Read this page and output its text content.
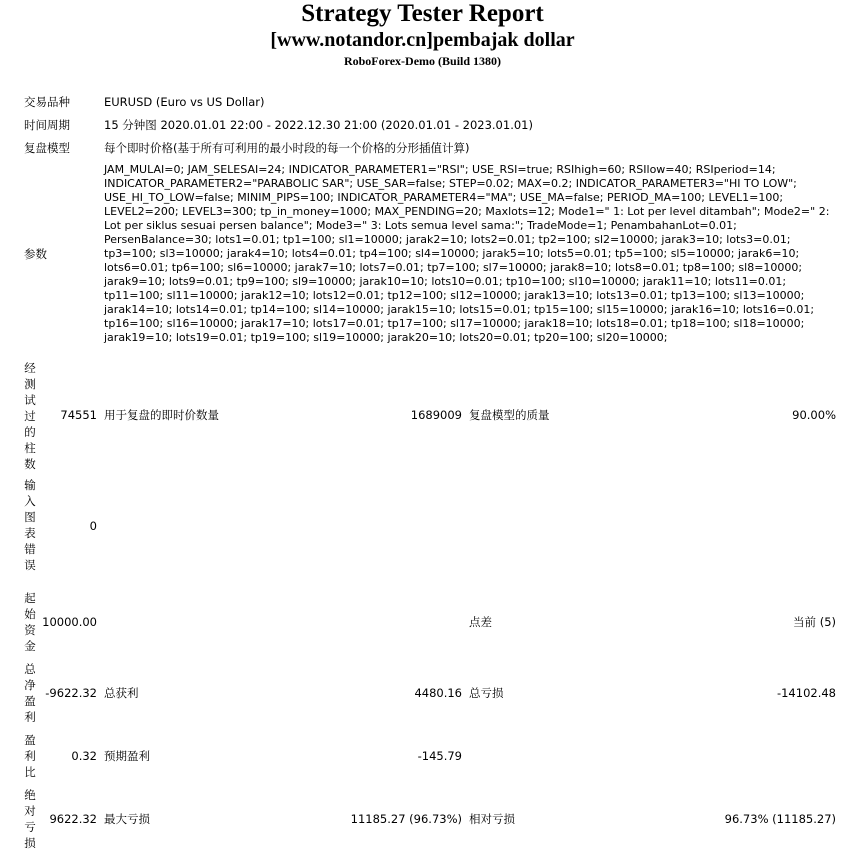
Strategy Tester Report
[www.notandor.cn]pembajak dollar
RoboForex-Demo (Build 1380)
交易品种	EURUSD (Euro vs US Dollar)
时间周期	15 分钟图 2020.01.01 22:00 - 2022.12.30 21:00 (2020.01.01 - 2023.01.01)
复盘模型	每个即时价格(基于所有可利用的最小时段的每一个价格的分形插值计算)
参数
JAM_MULAI=0; JAM_SELESAI=24; INDICATOR_PARAMETER1="RSI"; USE_RSI=true; RSIhigh=60; RSIlow=40; RSIperiod=14; INDICATOR_PARAMETER2="PARABOLIC SAR"; USE_SAR=false; STEP=0.02; MAX=0.2; INDICATOR_PARAMETER3="HI TO LOW"; USE_HI_TO_LOW=false; MINIM_PIPS=100; INDICATOR_PARAMETER4="MA"; USE_MA=false; PERIOD_MA=100; LEVEL1=100; LEVEL2=200; LEVEL3=300; tp_in_money=1000; MAX_PENDING=20; Maxlots=12; Mode1=" 1: Lot per level ditambah"; Mode2=" 2: Lot per siklus sesuai persen balance"; Mode3=" 3: Lots semua level sama:"; TradeMode=1; PenambahanLot=0.01; PersenBalance=30; lots1=0.01; tp1=100; sl1=10000; jarak2=10; lots2=0.01; tp2=100; sl2=10000; jarak3=10; lots3=0.01; tp3=100; sl3=10000; jarak4=10; lots4=0.01; tp4=100; sl4=10000; jarak5=10; lots5=0.01; tp5=100; sl5=10000; jarak6=10; lots6=0.01; tp6=100; sl6=10000; jarak7=10; lots7=0.01; tp7=100; sl7=10000; jarak8=10; lots8=0.01; tp8=100; sl8=10000; jarak9=10; lots9=0.01; tp9=100; sl9=10000; jarak10=10; lots10=0.01; tp10=100; sl10=10000; jarak11=10; lots11=0.01; tp11=100; sl11=10000; jarak12=10; lots12=0.01; tp12=100; sl12=10000; jarak13=10; lots13=0.01; tp13=100; sl13=10000; jarak14=10; lots14=0.01; tp14=100; sl14=10000; jarak15=10; lots15=0.01; tp15=100; sl15=10000; jarak16=10; lots16=0.01; tp16=100; sl16=10000; jarak17=10; lots17=0.01; tp17=100; sl17=10000; jarak18=10; lots18=0.01; tp18=100; sl18=10000; jarak19=10; lots19=0.01; tp19=100; sl19=10000; jarak20=10; lots20=0.01; tp20=100; sl20=10000;
经
测
试
过
的
柱
数
74551 用于复盘的即时价数量	1689009 复盘模型的质量	90.00%
输
入
图
表
错
误
0
起
始
资
金
10000.00	点差	当前 (5)
总
净
盈
利
-9622.32 总获利	4480.16 总亏损	-14102.48
盈
利
比
0.32 预期盈利	-145.79
绝
对
亏
损
9622.32 最大亏损	11185.27 (96.73%) 相对亏损	96.73% (11185.27)
